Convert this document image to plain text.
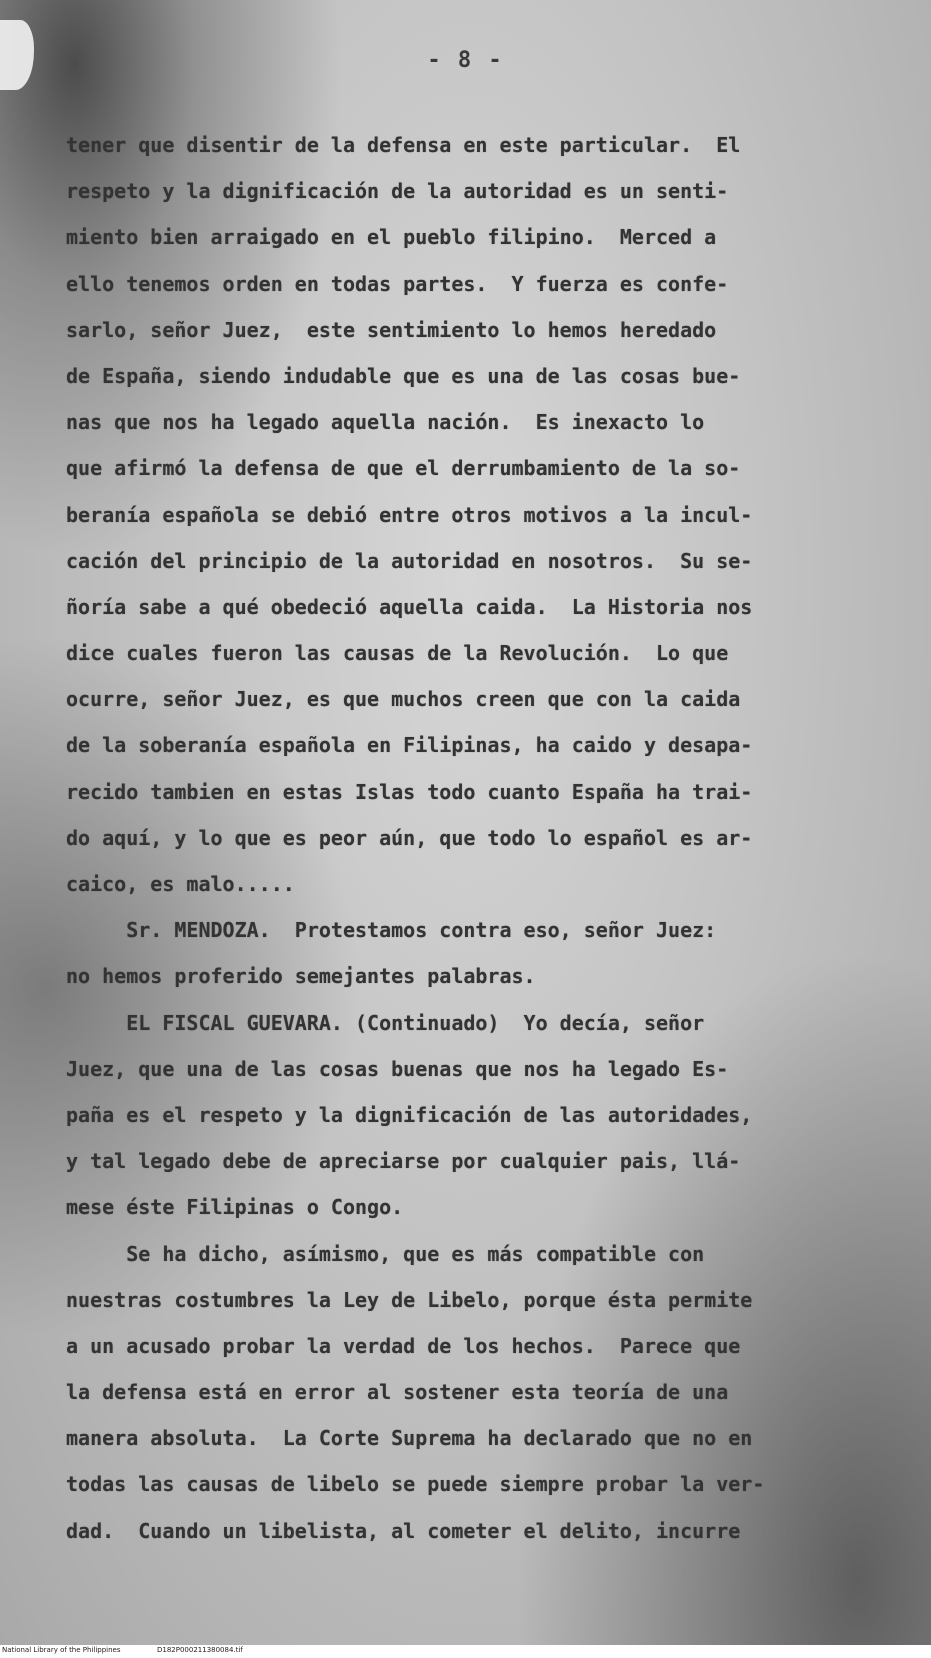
- 8 -
tener que disentir de la defensa en este particular.  El
respeto y la dignificación de la autoridad es un senti-
miento bien arraigado en el pueblo filipino.  Merced a
ello tenemos orden en todas partes.  Y fuerza es confe-
sarlo, señor Juez,  este sentimiento lo hemos heredado
de España, siendo indudable que es una de las cosas bue-
nas que nos ha legado aquella nación.  Es inexacto lo
que afirmó la defensa de que el derrumbamiento de la so-
beranía española se debió entre otros motivos a la incul-
cación del principio de la autoridad en nosotros.  Su se-
ñoría sabe a qué obedeció aquella caida.  La Historia nos
dice cuales fueron las causas de la Revolución.  Lo que
ocurre, señor Juez, es que muchos creen que con la caida
de la soberanía española en Filipinas, ha caido y desapa-
recido tambien en estas Islas todo cuanto España ha trai-
do aquí, y lo que es peor aún, que todo lo español es ar-
caico, es malo.....
Sr. MENDOZA.  Protestamos contra eso, señor Juez:
no hemos proferido semejantes palabras.
EL FISCAL GUEVARA. (Continuado)  Yo decía, señor
Juez, que una de las cosas buenas que nos ha legado Es-
paña es el respeto y la dignificación de las autoridades,
y tal legado debe de apreciarse por cualquier pais, llá-
mese éste Filipinas o Congo.
Se ha dicho, asímismo, que es más compatible con
nuestras costumbres la Ley de Libelo, porque ésta permite
a un acusado probar la verdad de los hechos.  Parece que
la defensa está en error al sostener esta teoría de una
manera absoluta.  La Corte Suprema ha declarado que no en
todas las causas de libelo se puede siempre probar la ver-
dad.  Cuando un libelista, al cometer el delito, incurre
National Library of the Philippines	D182P000211380084.tif
